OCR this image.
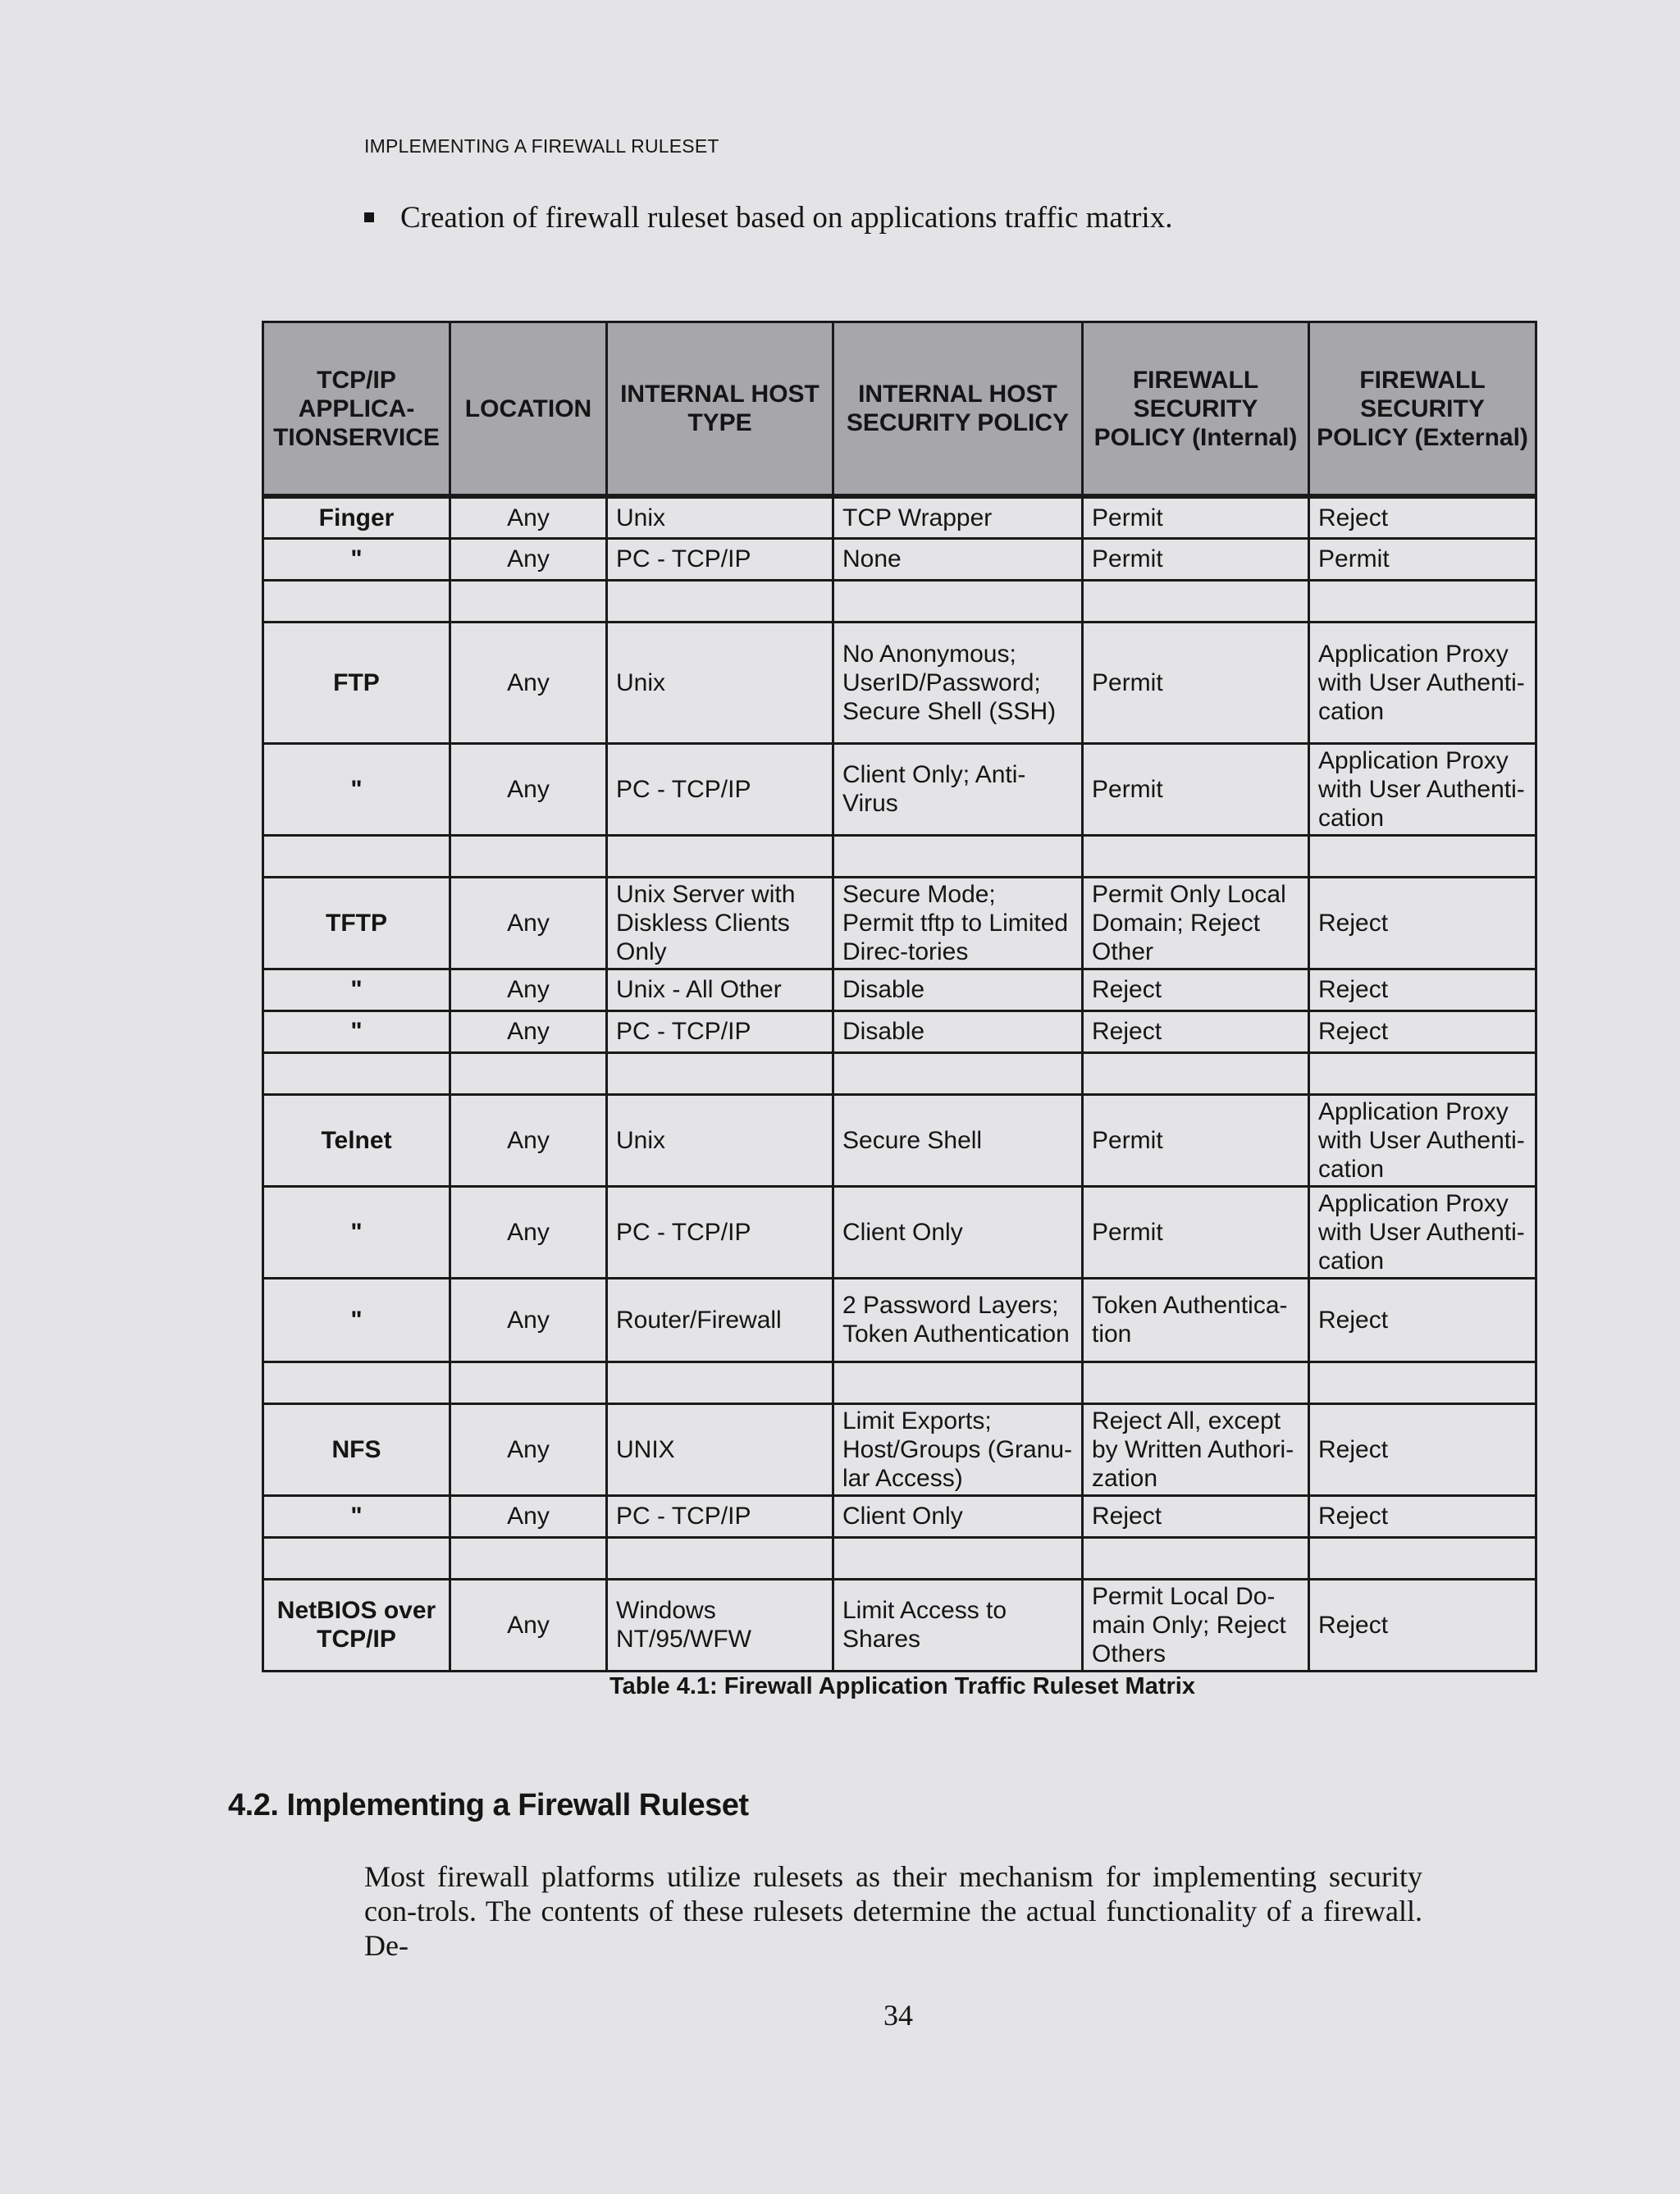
IMPLEMENTING A FIREWALL RULESET
Creation of firewall ruleset based on applications traffic matrix.
TCP/IP APPLICA-TIONSERVICE	LOCATION	INTERNAL HOST TYPE	INTERNAL HOST SECURITY POLICY	FIREWALL SECURITY POLICY (Internal)	FIREWALL SECURITY POLICY (External)
Finger	Any	Unix	TCP Wrapper	Permit	Reject
"	Any	PC - TCP/IP	None	Permit	Permit

FTP	Any	Unix	No Anonymous; UserID/Password; Secure Shell (SSH)	Permit	Application Proxy with User Authenti-cation
"	Any	PC - TCP/IP	Client Only; Anti-Virus	Permit	Application Proxy with User Authenti-cation

TFTP	Any	Unix Server with Diskless Clients Only	Secure Mode; Permit tftp to Limited Direc-tories	Permit Only Local Domain; Reject Other	Reject
"	Any	Unix - All Other	Disable	Reject	Reject
"	Any	PC - TCP/IP	Disable	Reject	Reject

Telnet	Any	Unix	Secure Shell	Permit	Application Proxy with User Authenti-cation
"	Any	PC - TCP/IP	Client Only	Permit	Application Proxy with User Authenti-cation
"	Any	Router/Firewall	2 Password Layers; Token Authentication	Token Authentica-tion	Reject

NFS	Any	UNIX	Limit Exports; Host/Groups (Granu-lar Access)	Reject All, except by Written Authori-zation	Reject
"	Any	PC - TCP/IP	Client Only	Reject	Reject

NetBIOS over TCP/IP	Any	Windows NT/95/WFW	Limit Access to Shares	Permit Local Do-main Only; Reject Others	Reject
Table 4.1: Firewall Application Traffic Ruleset Matrix
4.2. Implementing a Firewall Ruleset
Most firewall platforms utilize rulesets as their mechanism for implementing security con-trols. The contents of these rulesets determine the actual functionality of a firewall. De-
34
